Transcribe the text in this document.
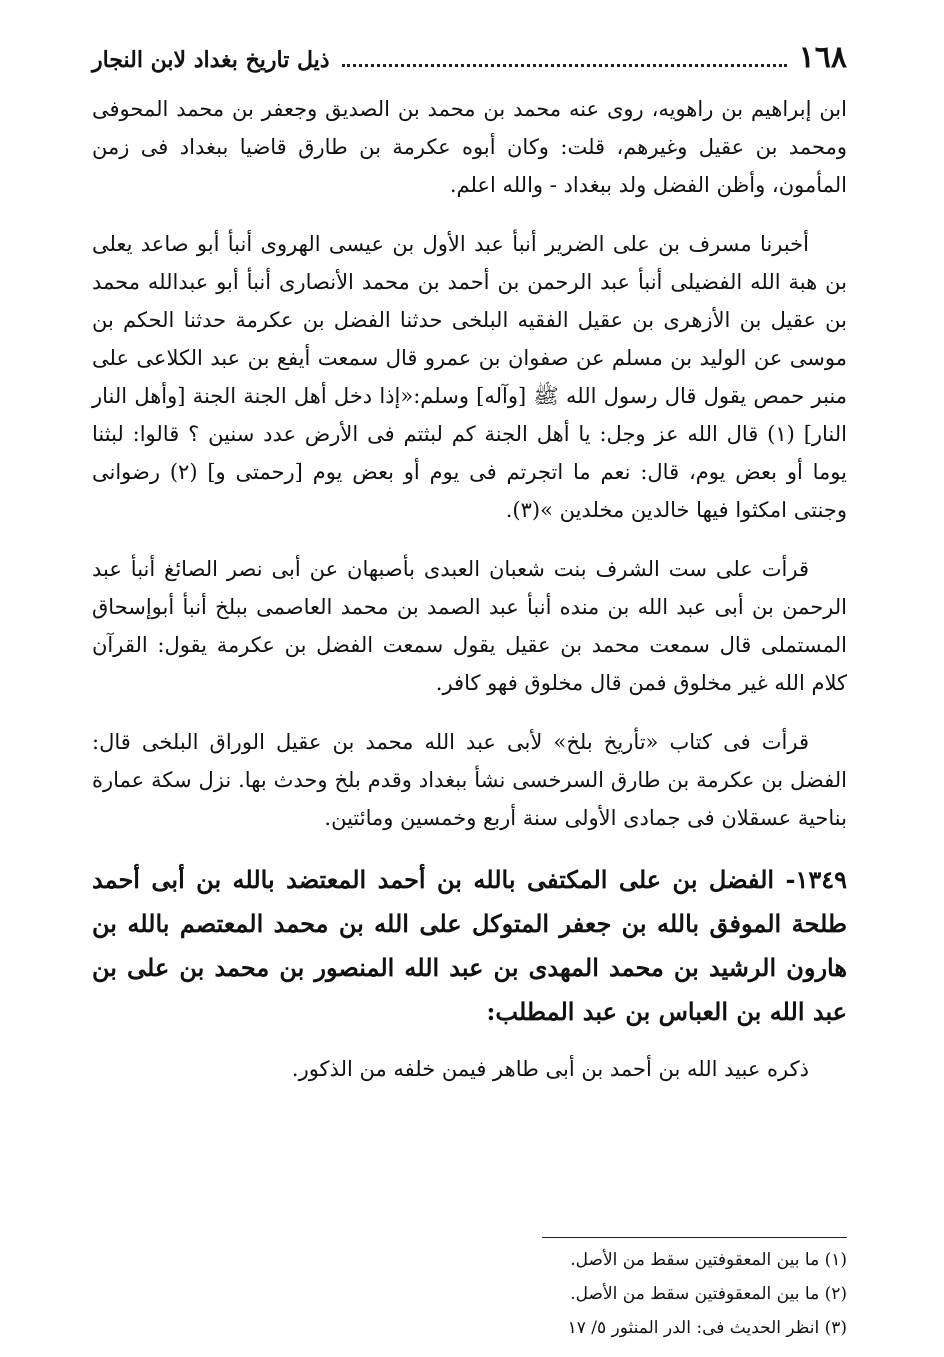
١٦٨
ذيل تاريخ بغداد لابن النجار

ابن إبراهيم بن راهويه، روى عنه محمد بن محمد بن الصديق وجعفر بن محمد المحوفى ومحمد بن عقيل وغيرهم، قلت: وكان أبوه عكرمة بن طارق قاضيا ببغداد فى زمن المأمون، وأظن الفضل ولد ببغداد - والله اعلم.

أخبرنا مسرف بن على الضرير أنبأ عبد الأول بن عيسى الهروى أنبأ أبو صاعد يعلى بن هبة الله الفضيلى أنبأ عبد الرحمن بن أحمد بن محمد الأنصارى أنبأ أبو عبدالله محمد بن عقيل بن الأزهرى بن عقيل الفقيه البلخى حدثنا الفضل بن عكرمة حدثنا الحكم بن موسى عن الوليد بن مسلم عن صفوان بن عمرو قال سمعت أيفع بن عبد الكلاعى على منبر حمص يقول قال رسول الله ﷺ [وآله] وسلم:«إذا دخل أهل الجنة الجنة [وأهل النار النار] (١) قال الله عز وجل: يا أهل الجنة كم لبثتم فى الأرض عدد سنين ؟ قالوا: لبثنا يوما أو بعض يوم، قال: نعم ما اتجرتم فى يوم أو بعض يوم [رحمتى و] (٢) رضوانى وجنتى امكثوا فيها خالدين مخلدين »(٣).

قرأت على ست الشرف بنت شعبان العبدى بأصبهان عن أبى نصر الصائغ أنبأ عبد الرحمن بن أبى عبد الله بن منده أنبأ عبد الصمد بن محمد العاصمى ببلخ أنبأ أبوإسحاق المستملى قال سمعت محمد بن عقيل يقول سمعت الفضل بن عكرمة يقول: القرآن كلام الله غير مخلوق فمن قال مخلوق فهو كافر.

قرأت فى كتاب «تأريخ بلخ» لأبى عبد الله محمد بن عقيل الوراق البلخى قال: الفضل بن عكرمة بن طارق السرخسى نشأ ببغداد وقدم بلخ وحدث بها. نزل سكة عمارة بناحية عسقلان فى جمادى الأولى سنة أربع وخمسين ومائتين.

١٣٤٩- الفضل بن على المكتفى بالله بن أحمد المعتضد بالله بن أبى أحمد طلحة الموفق بالله بن جعفر المتوكل على الله بن محمد المعتصم بالله بن هارون الرشيد بن محمد المهدى بن عبد الله المنصور بن محمد بن على بن عبد الله بن العباس بن عبد المطلب:

ذكره عبيد الله بن أحمد بن أبى طاهر فيمن خلفه من الذكور.

(١) ما بين المعقوفتين سقط من الأصل.

(٢) ما بين المعقوفتين سقط من الأصل.

(٣) انظر الحديث فى: الدر المنثور ٥/ ١٧
